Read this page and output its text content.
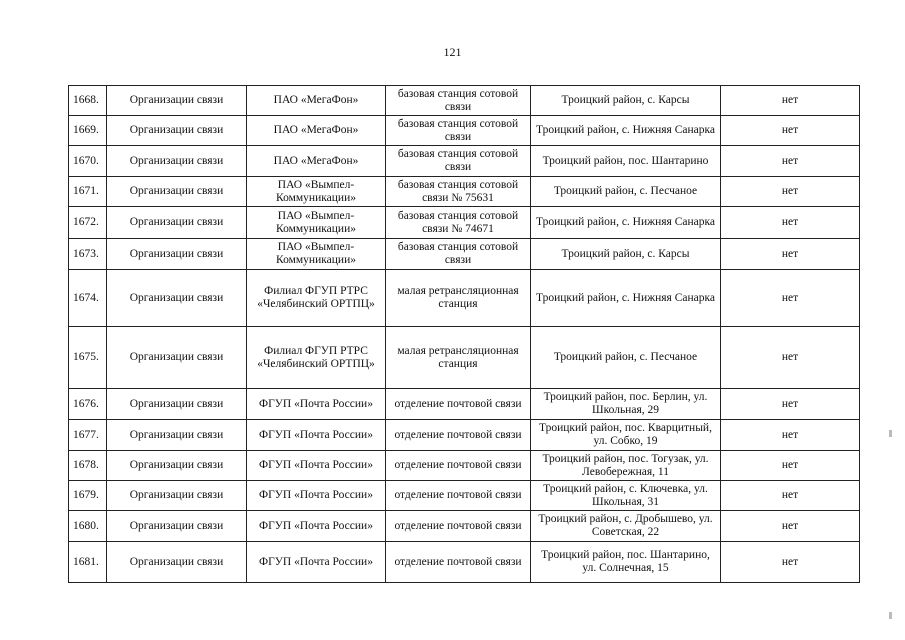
121
1668.	Организации связи	ПАО «МегаФон»	базовая станция сотовой связи	Троицкий район, с. Карсы	нет
1669.	Организации связи	ПАО «МегаФон»	базовая станция сотовой связи	Троицкий район, с. Нижняя Санарка	нет
1670.	Организации связи	ПАО «МегаФон»	базовая станция сотовой связи	Троицкий район, пос. Шантарино	нет
1671.	Организации связи	ПАО «Вымпел-Коммуникации»	базовая станция сотовой связи № 75631	Троицкий район, с. Песчаное	нет
1672.	Организации связи	ПАО «Вымпел-Коммуникации»	базовая станция сотовой связи № 74671	Троицкий район, с. Нижняя Санарка	нет
1673.	Организации связи	ПАО «Вымпел-Коммуникации»	базовая станция сотовой связи	Троицкий район, с. Карсы	нет
1674.	Организации связи	Филиал ФГУП РТРС «Челябинский ОРТПЦ»	малая ретрансляционная станция	Троицкий район, с. Нижняя Санарка	нет
1675.	Организации связи	Филиал ФГУП РТРС «Челябинский ОРТПЦ»	малая ретрансляционная станция	Троицкий район, с. Песчаное	нет
1676.	Организации связи	ФГУП «Почта России»	отделение почтовой связи	Троицкий район, пос. Берлин, ул. Школьная, 29	нет
1677.	Организации связи	ФГУП «Почта России»	отделение почтовой связи	Троицкий район, пос. Кварцитный, ул. Собко, 19	нет
1678.	Организации связи	ФГУП «Почта России»	отделение почтовой связи	Троицкий район, пос. Тогузак, ул. Левобережная, 11	нет
1679.	Организации связи	ФГУП «Почта России»	отделение почтовой связи	Троицкий район, с. Ключевка, ул. Школьная, 31	нет
1680.	Организации связи	ФГУП «Почта России»	отделение почтовой связи	Троицкий район, с. Дробышево, ул. Советская, 22	нет
1681.	Организации связи	ФГУП «Почта России»	отделение почтовой связи	Троицкий район, пос. Шантарино, ул. Солнечная, 15	нет
